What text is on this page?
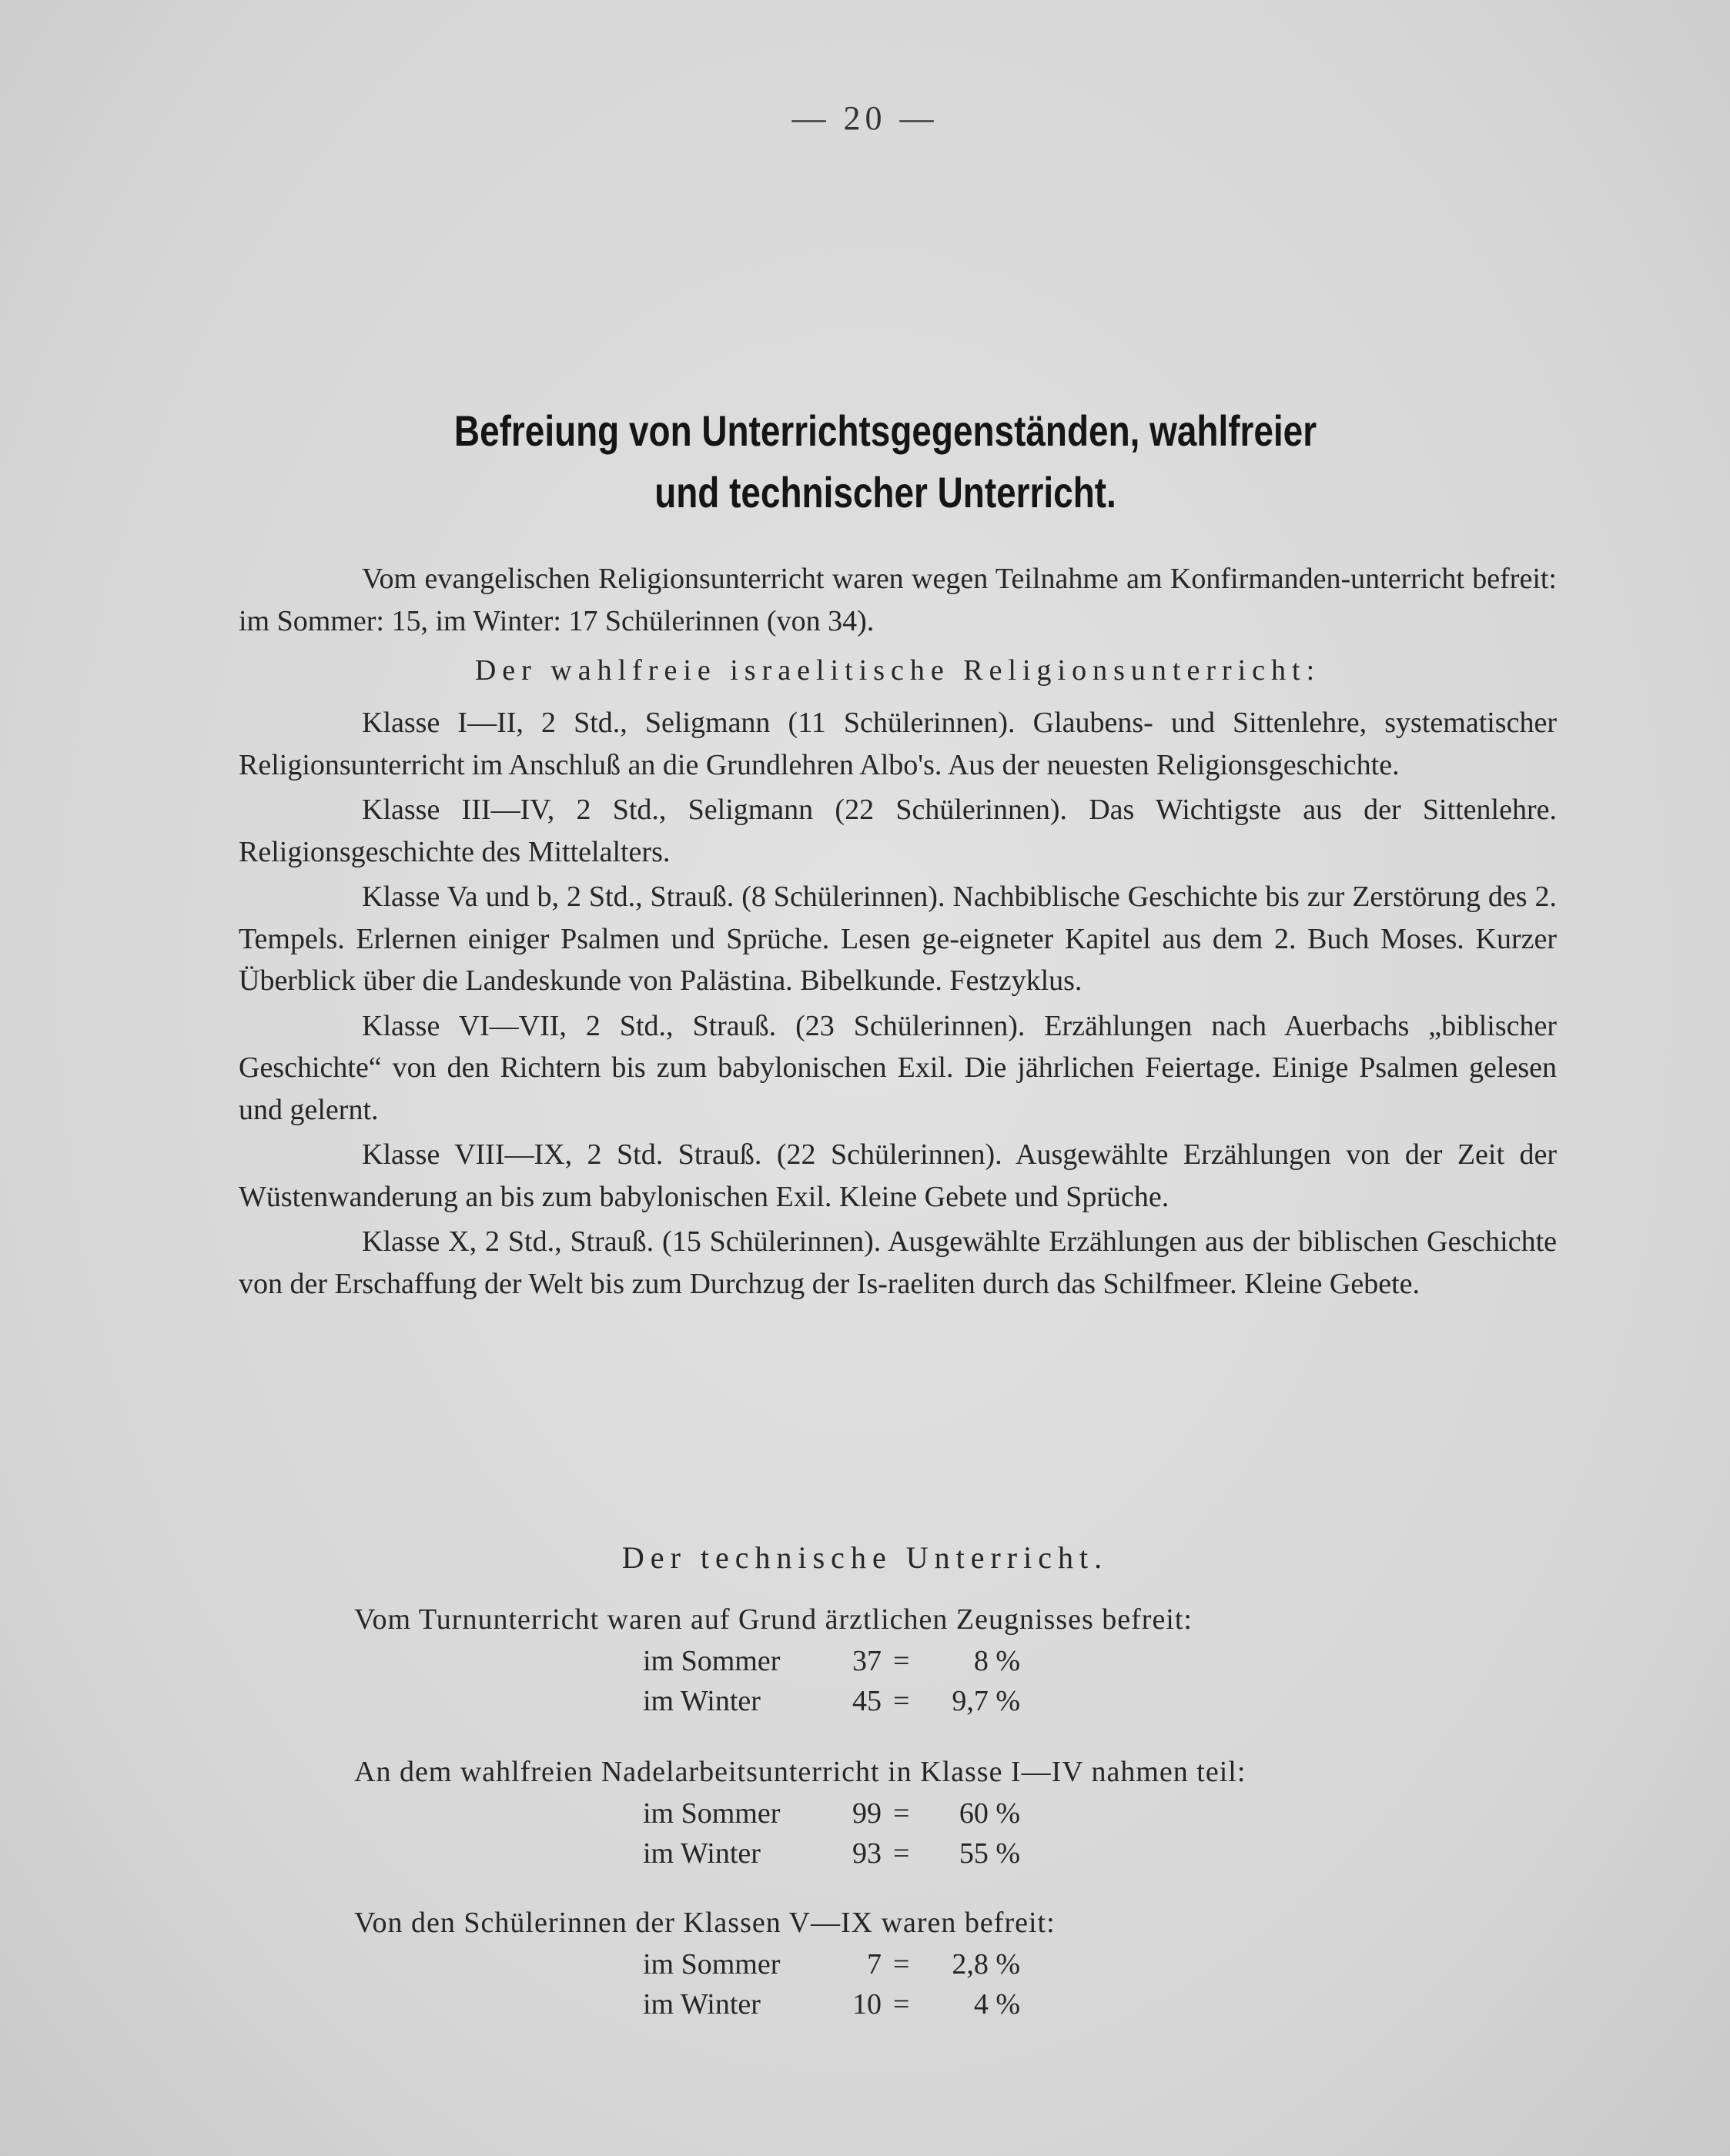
— 20 —
Befreiung von Unterrichtsgegenständen, wahlfreier
und technischer Unterricht.

Vom evangelischen Religionsunterricht waren wegen Teilnahme am Konfirmanden-unterricht befreit: im Sommer: 15, im Winter: 17 Schülerinnen (von 34).

Der wahlfreie israelitische Religionsunterricht:

Klasse I—II, 2 Std., Seligmann (11 Schülerinnen). Glaubens- und Sittenlehre, systematischer Religionsunterricht im Anschluß an die Grundlehren Albo's. Aus der neuesten Religionsgeschichte.

Klasse III—IV, 2 Std., Seligmann (22 Schülerinnen). Das Wichtigste aus der Sittenlehre. Religionsgeschichte des Mittelalters.

Klasse Va und b, 2 Std., Strauß. (8 Schülerinnen). Nachbiblische Geschichte bis zur Zerstörung des 2. Tempels. Erlernen einiger Psalmen und Sprüche. Lesen ge-eigneter Kapitel aus dem 2. Buch Moses. Kurzer Überblick über die Landeskunde von Palästina. Bibelkunde. Festzyklus.

Klasse VI—VII, 2 Std., Strauß. (23 Schülerinnen). Erzählungen nach Auerbachs „biblischer Geschichte“ von den Richtern bis zum babylonischen Exil. Die jährlichen Feiertage. Einige Psalmen gelesen und gelernt.

Klasse VIII—IX, 2 Std. Strauß. (22 Schülerinnen). Ausgewählte Erzählungen von der Zeit der Wüstenwanderung an bis zum babylonischen Exil. Kleine Gebete und Sprüche.

Klasse X, 2 Std., Strauß. (15 Schülerinnen). Ausgewählte Erzählungen aus der biblischen Geschichte von der Erschaffung der Welt bis zum Durchzug der Is-raeliten durch das Schilfmeer. Kleine Gebete.

Der technische Unterricht.
Vom Turnunterricht waren auf Grund ärztlichen Zeugnisses befreit:
im Sommer	37 =	8 %
im Winter	45 =	9,7 %
An dem wahlfreien Nadelarbeitsunterricht in Klasse I—IV nahmen teil:
im Sommer	99 =	60 %
im Winter	93 =	55 %
Von den Schülerinnen der Klassen V—IX waren befreit:
im Sommer	7 =	2,8 %
im Winter	10 =	4 %
